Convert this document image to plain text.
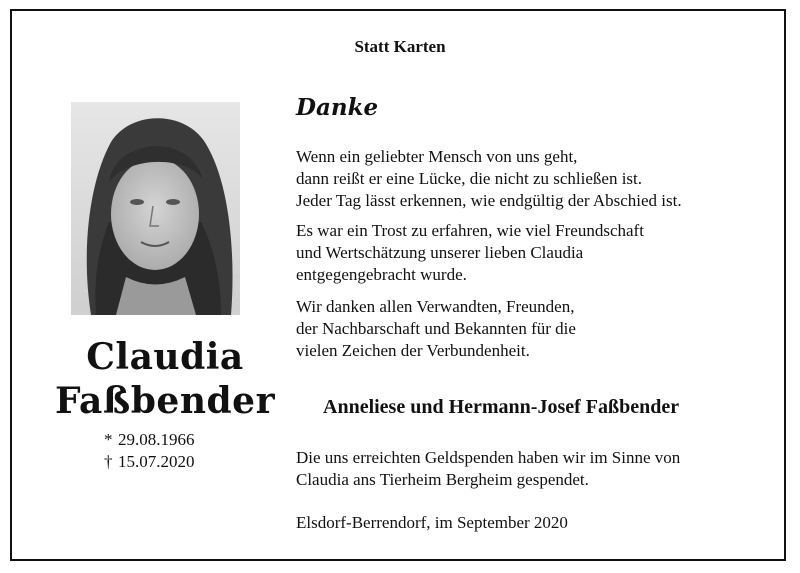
Statt Karten
Claudia
Faßbender
* 29.08.1966
† 15.07.2020
Danke
Wenn ein geliebter Mensch von uns geht,
dann reißt er eine Lücke, die nicht zu schließen ist.
Jeder Tag lässt erkennen, wie endgültig der Abschied ist.
Es war ein Trost zu erfahren, wie viel Freundschaft
und Wertschätzung unserer lieben Claudia
entgegengebracht wurde.
Wir danken allen Verwandten, Freunden,
der Nachbarschaft und Bekannten für die
vielen Zeichen der Verbundenheit.
Anneliese und Hermann-Josef Faßbender
Die uns erreichten Geldspenden haben wir im Sinne von
Claudia ans Tierheim Bergheim gespendet.
Elsdorf-Berrendorf, im September 2020
